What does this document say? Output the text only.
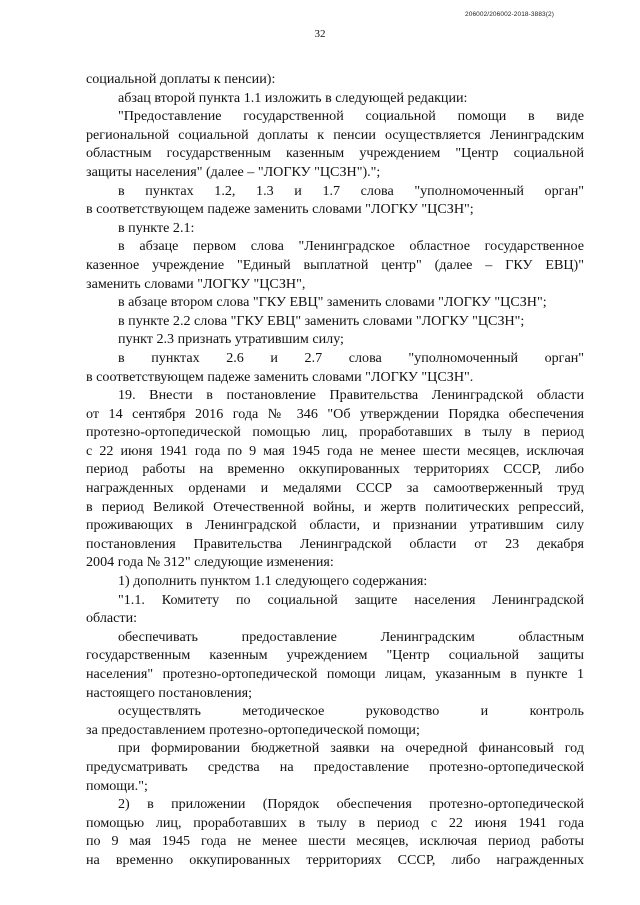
206002/206002-2018-3883(2)
32
социальной доплаты к пенсии):
абзац второй пункта 1.1 изложить в следующей редакции:
"Предоставление государственной социальной помощи в виде
региональной социальной доплаты к пенсии осуществляется Ленинградским
областным государственным казенным учреждением "Центр социальной
защиты населения" (далее – "ЛОГКУ "ЦСЗН").";
в пунктах 1.2, 1.3 и 1.7 слова "уполномоченный орган"
в соответствующем падеже заменить словами "ЛОГКУ "ЦСЗН";
в пункте 2.1:
в абзаце первом слова "Ленинградское областное государственное
казенное учреждение "Единый выплатной центр" (далее – ГКУ ЕВЦ)"
заменить словами "ЛОГКУ "ЦСЗН",
в абзаце втором слова "ГКУ ЕВЦ" заменить словами "ЛОГКУ "ЦСЗН";
в пункте 2.2 слова "ГКУ ЕВЦ" заменить словами "ЛОГКУ "ЦСЗН";
пункт 2.3 признать утратившим силу;
в пунктах 2.6 и 2.7 слова "уполномоченный орган"
в соответствующем падеже заменить словами "ЛОГКУ "ЦСЗН".
19. Внести в постановление Правительства Ленинградской области
от 14 сентября 2016 года № 346 "Об утверждении Порядка обеспечения
протезно-ортопедической помощью лиц, проработавших в тылу в период
с 22 июня 1941 года по 9 мая 1945 года не менее шести месяцев, исключая
период работы на временно оккупированных территориях СССР, либо
награжденных орденами и медалями СССР за самоотверженный труд
в период Великой Отечественной войны, и жертв политических репрессий,
проживающих в Ленинградской области, и признании утратившим силу
постановления Правительства Ленинградской области от 23 декабря
2004 года № 312" следующие изменения:
1) дополнить пунктом 1.1 следующего содержания:
"1.1. Комитету по социальной защите населения Ленинградской
области:
обеспечивать предоставление Ленинградским областным
государственным казенным учреждением "Центр социальной защиты
населения" протезно-ортопедической помощи лицам, указанным в пункте 1
настоящего постановления;
осуществлять методическое руководство и контроль
за предоставлением протезно-ортопедической помощи;
при формировании бюджетной заявки на очередной финансовый год
предусматривать средства на предоставление протезно-ортопедической
помощи.";
2) в приложении (Порядок обеспечения протезно-ортопедической
помощью лиц, проработавших в тылу в период с 22 июня 1941 года
по 9 мая 1945 года не менее шести месяцев, исключая период работы
на временно оккупированных территориях СССР, либо награжденных
